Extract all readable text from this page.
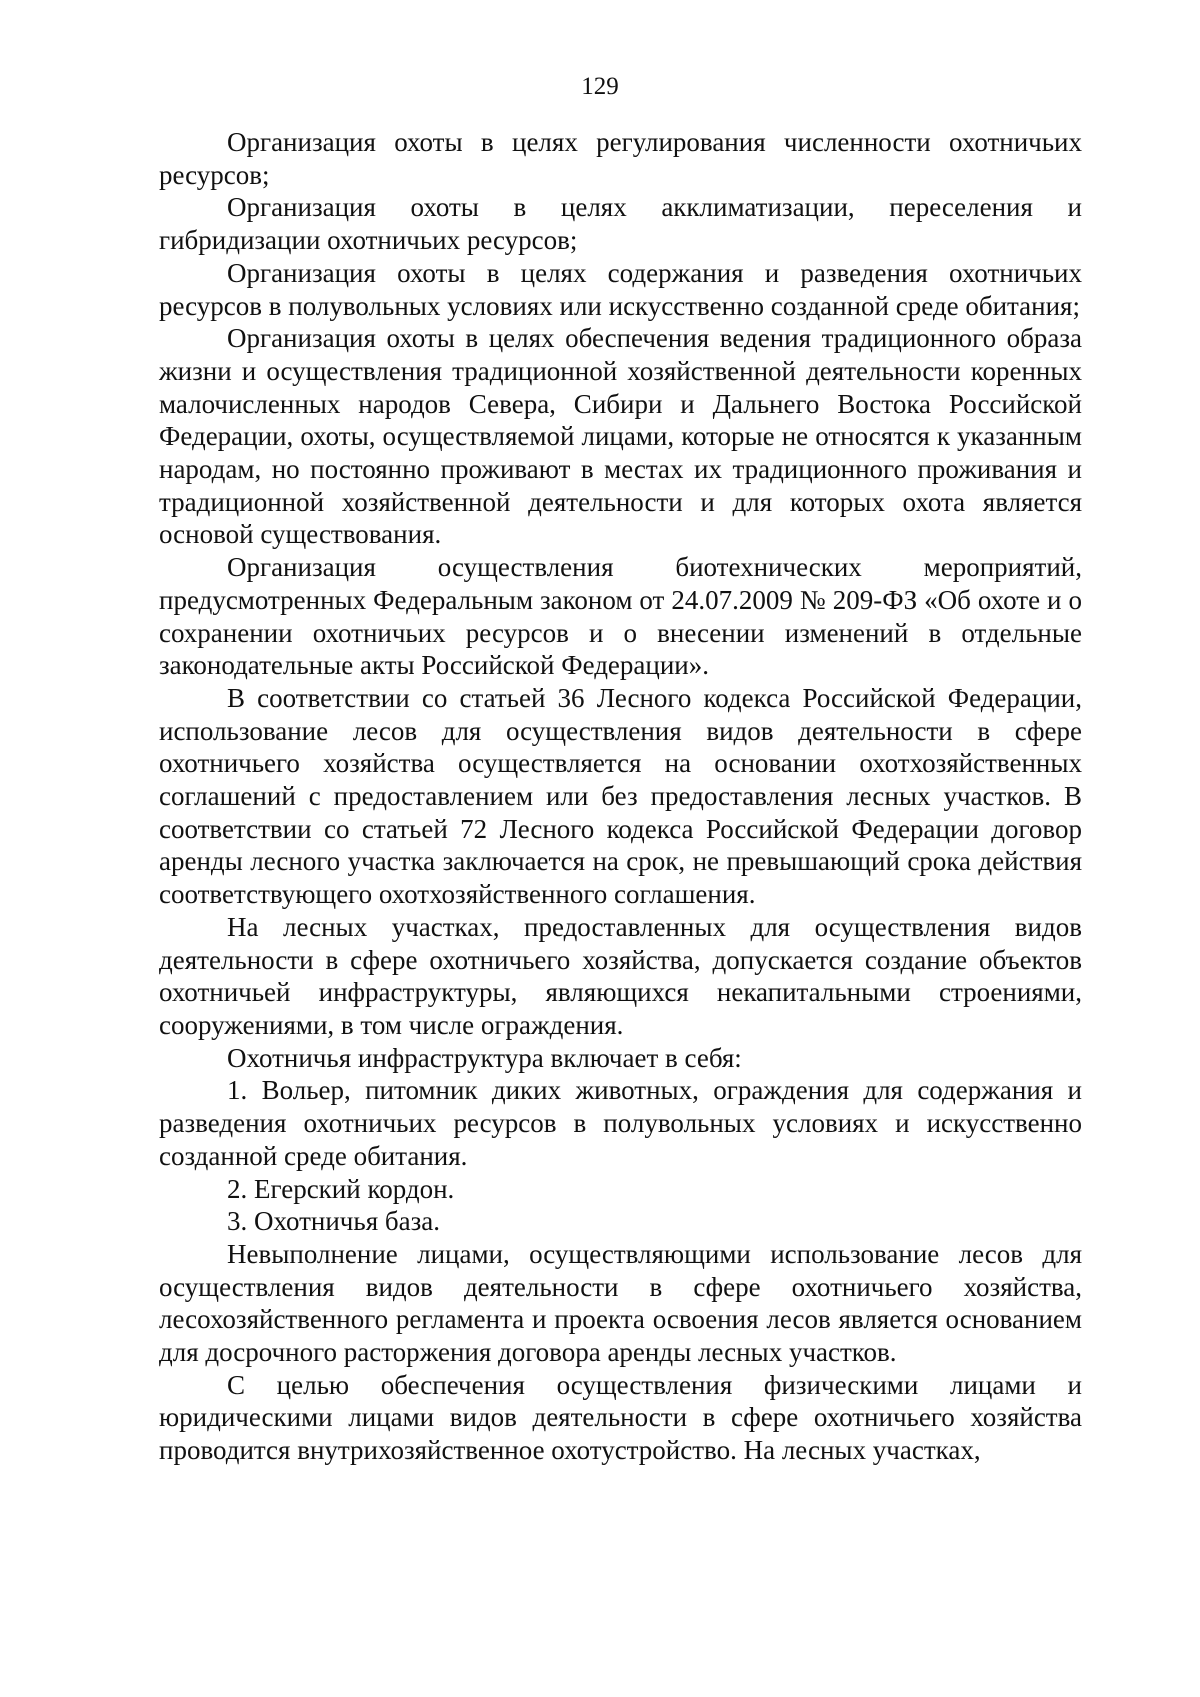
129

Организация охоты в целях регулирования численности охотничьих ресурсов;

Организация охоты в целях акклиматизации, переселения и гибридизации охотничьих ресурсов;

Организация охоты в целях содержания и разведения охотничьих ресурсов в полувольных условиях или искусственно созданной среде обитания;

Организация охоты в целях обеспечения ведения традиционного образа жизни и осуществления традиционной хозяйственной деятельности коренных малочисленных народов Севера, Сибири и Дальнего Востока Российской Федерации, охоты, осуществляемой лицами, которые не относятся к указанным народам, но постоянно проживают в местах их традиционного проживания и традиционной хозяйственной деятельности и для которых охота является основой существования.

Организация осуществления биотехнических мероприятий, предусмотренных Федеральным законом от 24.07.2009 № 209-ФЗ «Об охоте и о сохранении охотничьих ресурсов и о внесении изменений в отдельные законодательные акты Российской Федерации».

В соответствии со статьей 36 Лесного кодекса Российской Федерации, использование лесов для осуществления видов деятельности в сфере охотничьего хозяйства осуществляется на основании охотхозяйственных соглашений с предоставлением или без предоставления лесных участков. В соответствии со статьей 72 Лесного кодекса Российской Федерации договор аренды лесного участка заключается на срок, не превышающий срока действия соответствующего охотхозяйственного соглашения.

На лесных участках, предоставленных для осуществления видов деятельности в сфере охотничьего хозяйства, допускается создание объектов охотничьей инфраструктуры, являющихся некапитальными строениями, сооружениями, в том числе ограждения.

Охотничья инфраструктура включает в себя:

1. Вольер, питомник диких животных, ограждения для содержания и разведения охотничьих ресурсов в полувольных условиях и искусственно созданной среде обитания.

2. Егерский кордон.

3. Охотничья база.

Невыполнение лицами, осуществляющими использование лесов для осуществления видов деятельности в сфере охотничьего хозяйства, лесохозяйственного регламента и проекта освоения лесов является основанием для досрочного расторжения договора аренды лесных участков.

С целью обеспечения осуществления физическими лицами и юридическими лицами видов деятельности в сфере охотничьего хозяйства проводится внутрихозяйственное охотустройство. На лесных участках,
